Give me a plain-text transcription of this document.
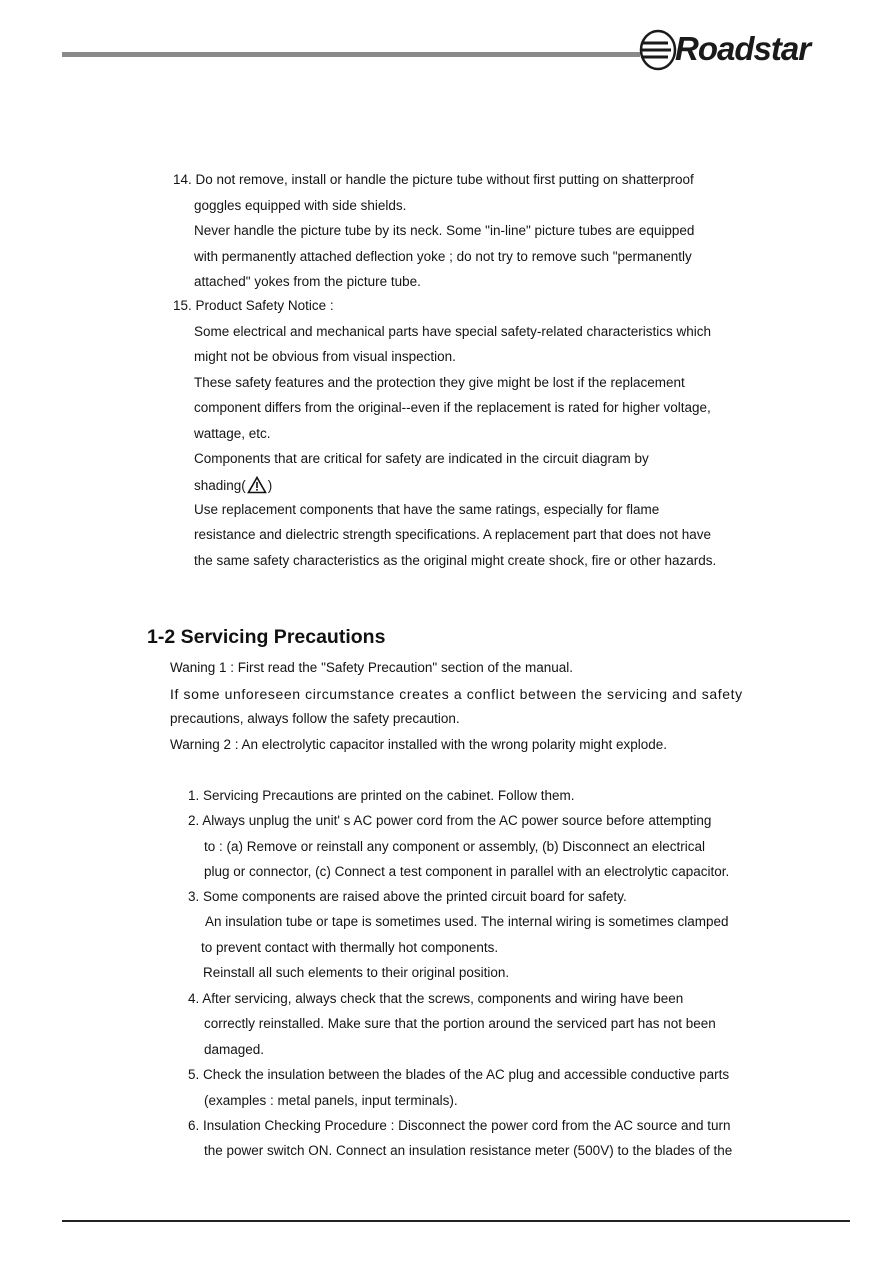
Roadstar
14. Do not remove, install or handle the picture tube without first putting on shatterproof
goggles equipped with side shields.
Never handle the picture tube by its neck. Some "in-line" picture tubes are equipped
with permanently attached deflection yoke ; do not try to remove such "permanently
attached" yokes from the picture tube.
15. Product Safety Notice :
Some electrical and mechanical parts have special safety-related characteristics which
might not be obvious from visual inspection.
These safety features and the protection they give might be lost if the replacement
component differs from the original--even if the replacement is rated for higher voltage,
wattage, etc.
Components that are critical for safety are indicated in the circuit diagram by
shading( )
Use replacement components that have the same ratings, especially for flame
resistance and dielectric strength specifications. A replacement part that does not have
the same safety characteristics as the original might create shock, fire or other hazards.
1-2 Servicing Precautions
Waning 1 : First read the "Safety Precaution" section of the manual.
If some unforeseen circumstance creates a conflict between the servicing and safety
precautions, always follow the safety precaution.
Warning 2 : An electrolytic capacitor installed with the wrong polarity might explode.
1. Servicing Precautions are printed on the cabinet. Follow them.
2. Always unplug the unit' s AC power cord from the AC power source before attempting
to : (a) Remove or reinstall any component or assembly, (b) Disconnect an electrical
plug or connector, (c) Connect a test component in parallel with an electrolytic capacitor.
3. Some components are raised above the printed circuit board for safety.
An insulation tube or tape is sometimes used. The internal wiring is sometimes clamped
to prevent contact with thermally hot components.
Reinstall all such elements to their original position.
4. After servicing, always check that the screws, components and wiring have been
correctly reinstalled. Make sure that the portion around the serviced part has not been
damaged.
5. Check the insulation between the blades of the AC plug and accessible conductive parts
(examples : metal panels, input terminals).
6. Insulation Checking Procedure : Disconnect the power cord from the AC source and turn
the power switch ON. Connect an insulation resistance meter (500V) to the blades of the
